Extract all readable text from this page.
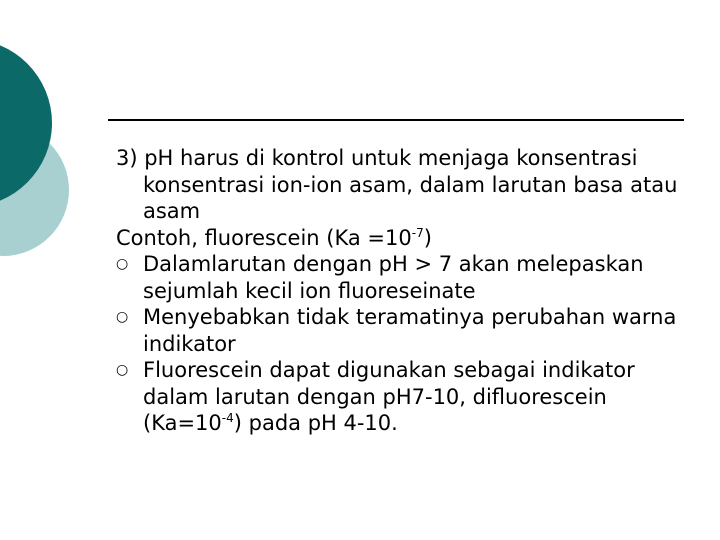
3) pH harus di kontrol untuk menjaga konsentrasi konsentrasi ion-ion asam, dalam larutan basa atau asam

Contoh, fluorescein $(Ka =10^{-7})$

○ Dalamlarutan dengan pH > 7 akan melepaskan sejumlah kecil ion fluoreseinate
○ Menyebabkan tidak teramatinya perubahan warna indikator
○ Fluorescein dapat digunakan sebagai indikator dalam larutan dengan pH7-10, difluorescein $(Ka=10^{-4})$ pada pH 4-10.
